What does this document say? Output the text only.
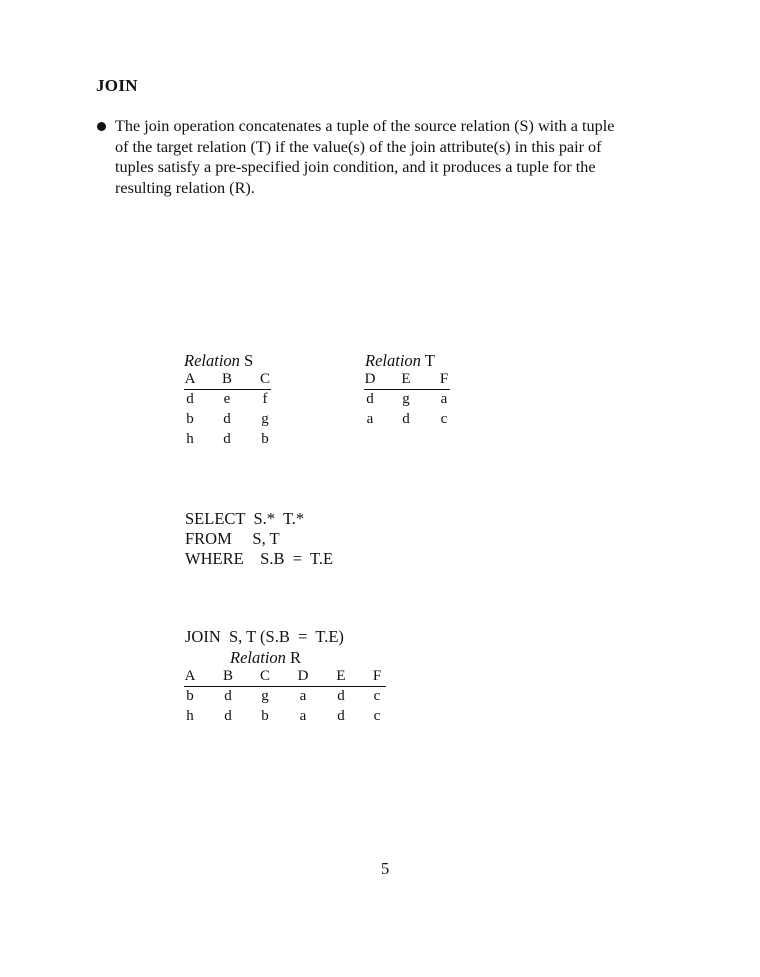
JOIN
The join operation concatenates a tuple of the source relation (S) with a tuple
of the target relation (T) if the value(s) of the join attribute(s) in this pair of
tuples satisfy a pre-specified join condition, and it produces a tuple for the
resulting relation (R).
Relation S
A	B	C
d	e	f
b	d	g
h	d	b
Relation T
D	E	F
d	g	a
a	d	c
SELECT  S.*  T.*
FROM     S, T
WHERE    S.B  =  T.E
JOIN  S, T (S.B  =  T.E)
Relation R
A	B	C	D	E	F
b	d	g	a	d	c
h	d	b	a	d	c
5
